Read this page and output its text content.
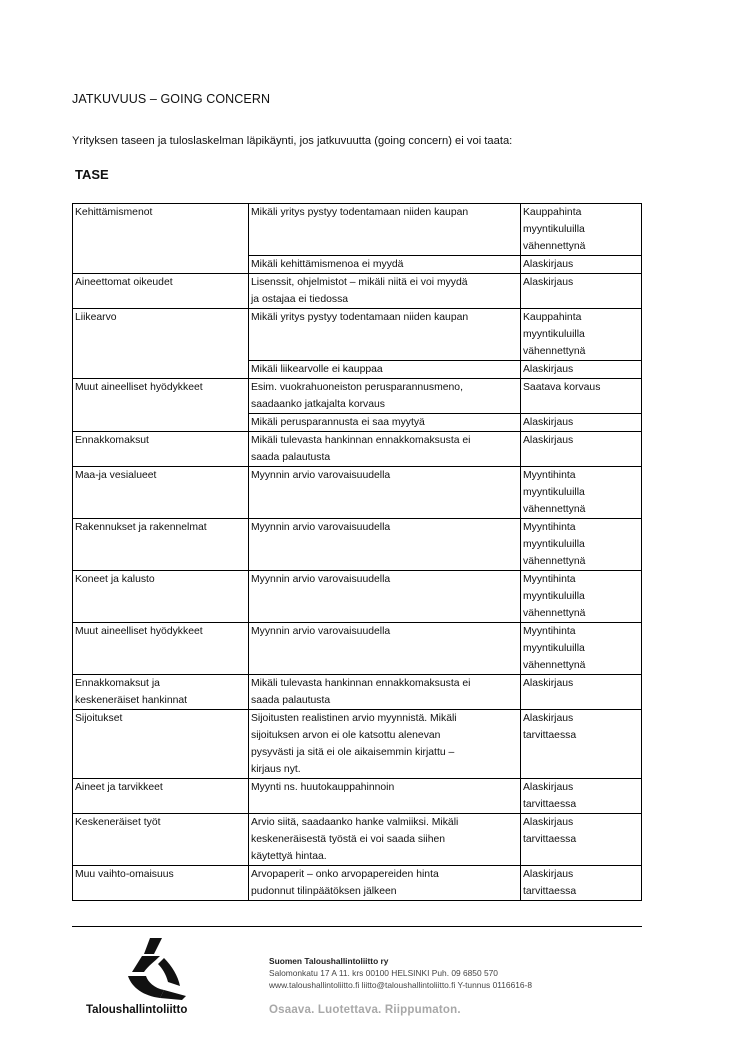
JATKUVUUS – GOING CONCERN

Yrityksen taseen ja tuloslaskelman läpikäynti, jos jatkuvuutta (going concern) ei voi taata:

TASE
Kehittämismenot	Mikäli yritys pystyy todentamaan niiden kaupan	Kauppahinta
myyntikuluilla
vähennettynä
	Mikäli kehittämismenoa ei myydä	Alaskirjaus
Aineettomat oikeudet	Lisenssit, ohjelmistot – mikäli niitä ei voi myydä
ja ostajaa ei tiedossa	Alaskirjaus
Liikearvo	Mikäli yritys pystyy todentamaan niiden kaupan	Kauppahinta
myyntikuluilla
vähennettynä
	Mikäli liikearvolle ei kauppaa	Alaskirjaus
Muut aineelliset hyödykkeet	Esim. vuokrahuoneiston perusparannusmeno,
saadaanko jatkajalta korvaus	Saatava korvaus
	Mikäli perusparannusta ei saa myytyä	Alaskirjaus
Ennakkomaksut	Mikäli tulevasta hankinnan ennakkomaksusta ei
saada palautusta	Alaskirjaus
Maa-ja vesialueet	Myynnin arvio varovaisuudella	Myyntihinta
myyntikuluilla
vähennettynä
Rakennukset ja rakennelmat	Myynnin arvio varovaisuudella	Myyntihinta
myyntikuluilla
vähennettynä
Koneet ja kalusto	Myynnin arvio varovaisuudella	Myyntihinta
myyntikuluilla
vähennettynä
Muut aineelliset hyödykkeet	Myynnin arvio varovaisuudella	Myyntihinta
myyntikuluilla
vähennettynä
Ennakkomaksut ja
keskeneräiset hankinnat	Mikäli tulevasta hankinnan ennakkomaksusta ei
saada palautusta	Alaskirjaus
Sijoitukset	Sijoitusten realistinen arvio myynnistä. Mikäli
sijoituksen arvon ei ole katsottu alenevan
pysyvästi ja sitä ei ole aikaisemmin kirjattu –
kirjaus nyt.	Alaskirjaus
tarvittaessa
Aineet ja tarvikkeet	Myynti ns. huutokauppahinnoin	Alaskirjaus
tarvittaessa
Keskeneräiset työt	Arvio siitä, saadaanko hanke valmiiksi. Mikäli
keskeneräisestä työstä ei voi saada siihen
käytettyä hintaa.	Alaskirjaus
tarvittaessa
Muu vaihto-omaisuus	Arvopaperit – onko arvopapereiden hinta
pudonnut tilinpäätöksen jälkeen	Alaskirjaus
tarvittaessa
Taloushallintoliitto
Suomen Taloushallintoliitto ry
Salomonkatu 17 A 11. krs 00100 HELSINKI Puh. 09 6850 570
www.taloushallintoliitto.fi liitto@taloushallintoliitto.fi Y-tunnus 0116616-8
Osaava. Luotettava. Riippumaton.
